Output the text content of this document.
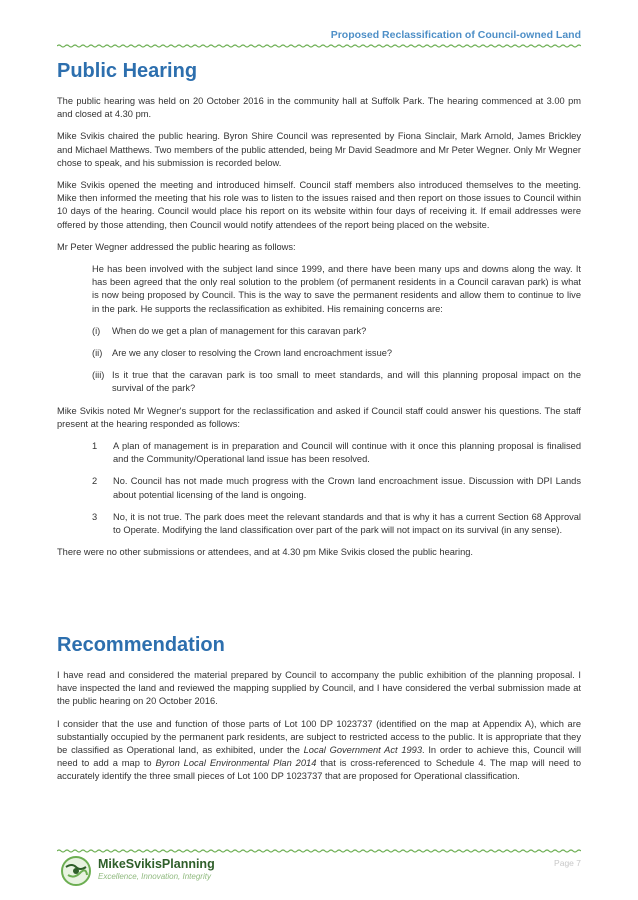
Proposed Reclassification of Council-owned Land
Public Hearing

The public hearing was held on 20 October 2016 in the community hall at Suffolk Park. The hearing commenced at 3.00 pm and closed at 4.30 pm.

Mike Svikis chaired the public hearing. Byron Shire Council was represented by Fiona Sinclair, Mark Arnold, James Brickley and Michael Matthews. Two members of the public attended, being Mr David Seadmore and Mr Peter Wegner. Only Mr Wegner chose to speak, and his submission is recorded below.

Mike Svikis opened the meeting and introduced himself. Council staff members also introduced themselves to the meeting. Mike then informed the meeting that his role was to listen to the issues raised and then report on those issues to Council within 10 days of the hearing. Council would place his report on its website within four days of receiving it. If email addresses were offered by those attending, then Council would notify attendees of the report being placed on the website.

Mr Peter Wegner addressed the public hearing as follows:

He has been involved with the subject land since 1999, and there have been many ups and downs along the way. It has been agreed that the only real solution to the problem (of permanent residents in a Council caravan park) is what is now being proposed by Council. This is the way to save the permanent residents and allow them to continue to live in the park. He supports the reclassification as exhibited. His remaining concerns are:

(i)	When do we get a plan of management for this caravan park?
(ii)	Are we any closer to resolving the Crown land encroachment issue?
(iii) Is it true that the caravan park is too small to meet standards, and will this planning proposal impact on the survival of the park?

Mike Svikis noted Mr Wegner's support for the reclassification and asked if Council staff could answer his questions. The staff present at the hearing responded as follows:

1	A plan of management is in preparation and Council will continue with it once this planning proposal is finalised and the Community/Operational land issue has been resolved.
2	No. Council has not made much progress with the Crown land encroachment issue. Discussion with DPI Lands about potential licensing of the land is ongoing.
3	No, it is not true. The park does meet the relevant standards and that is why it has a current Section 68 Approval to Operate. Modifying the land classification over part of the park will not impact on its survival (in any sense).

There were no other submissions or attendees, and at 4.30 pm Mike Svikis closed the public hearing.

Recommendation

I have read and considered the material prepared by Council to accompany the public exhibition of the planning proposal. I have inspected the land and reviewed the mapping supplied by Council, and I have considered the verbal submission made at the public hearing on 20 October 2016.

I consider that the use and function of those parts of Lot 100 DP 1023737 (identified on the map at Appendix A), which are substantially occupied by the permanent park residents, are subject to restricted access to the public. It is appropriate that they be classified as Operational land, as exhibited, under the Local Government Act 1993. In order to achieve this, Council will need to add a map to Byron Local Environmental Plan 2014 that is cross-referenced to Schedule 4. The map will need to accurately identify the three small pieces of Lot 100 DP 1023737 that are proposed for Operational classification.

MikeSvikisPlanning
Excellence, Innovation, Integrity
Page 7
